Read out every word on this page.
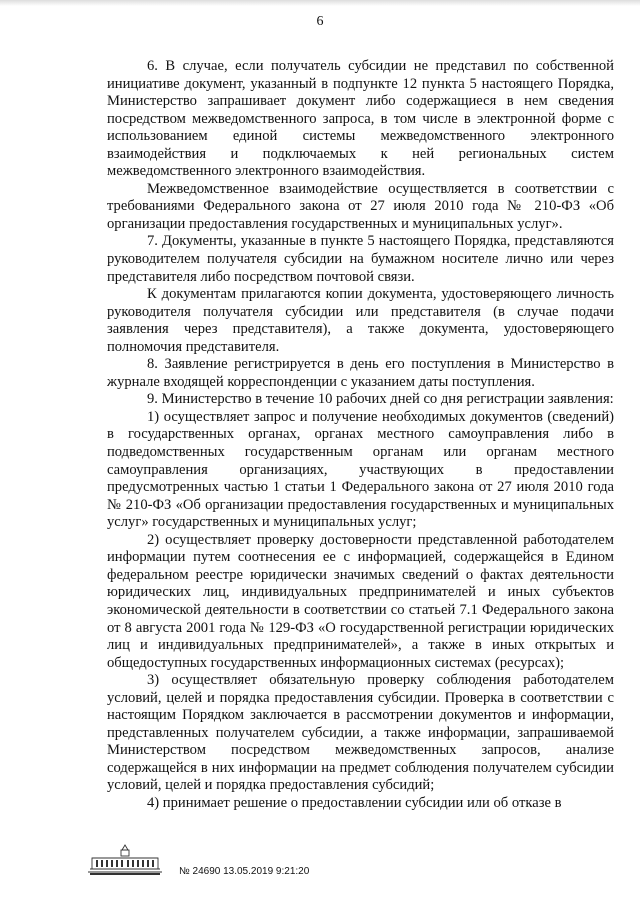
6

6. В случае, если получатель субсидии не представил по собственной инициативе документ, указанный в подпункте 12 пункта 5 настоящего Порядка, Министерство запрашивает документ либо содержащиеся в нем сведения посредством межведомственного запроса, в том числе в электронной форме с использованием единой системы межведомственного электронного взаимодействия и подключаемых к ней региональных систем межведомственного электронного взаимодействия.

Межведомственное взаимодействие осуществляется в соответствии с требованиями Федерального закона от 27 июля 2010 года № 210-ФЗ «Об организации предоставления государственных и муниципальных услуг».

7. Документы, указанные в пункте 5 настоящего Порядка, представляются руководителем получателя субсидии на бумажном носителе лично или через представителя либо посредством почтовой связи.

К документам прилагаются копии документа, удостоверяющего личность руководителя получателя субсидии или представителя (в случае подачи заявления через представителя), а также документа, удостоверяющего полномочия представителя.

8. Заявление регистрируется в день его поступления в Министерство в журнале входящей корреспонденции с указанием даты поступления.

9. Министерство в течение 10 рабочих дней со дня регистрации заявления:

1) осуществляет запрос и получение необходимых документов (сведений) в государственных органах, органах местного самоуправления либо в подведомственных государственным органам или органам местного самоуправления организациях, участвующих в предоставлении предусмотренных частью 1 статьи 1 Федерального закона от 27 июля 2010 года № 210-ФЗ «Об организации предоставления государственных и муниципальных услуг» государственных и муниципальных услуг;

2) осуществляет проверку достоверности представленной работодателем информации путем соотнесения ее с информацией, содержащейся в Едином федеральном реестре юридически значимых сведений о фактах деятельности юридических лиц, индивидуальных предпринимателей и иных субъектов экономической деятельности в соответствии со статьей 7.1 Федерального закона от 8 августа 2001 года № 129-ФЗ «О государственной регистрации юридических лиц и индивидуальных предпринимателей», а также в иных открытых и общедоступных государственных информационных системах (ресурсах);

3) осуществляет обязательную проверку соблюдения работодателем условий, целей и порядка предоставления субсидии. Проверка в соответствии с настоящим Порядком заключается в рассмотрении документов и информации, представленных получателем субсидии, а также информации, запрашиваемой Министерством посредством межведомственных запросов, анализе содержащейся в них информации на предмет соблюдения получателем субсидии условий, целей и порядка предоставления субсидий;

4) принимает решение о предоставлении субсидии или об отказе в

№ 24690 13.05.2019 9:21:20
